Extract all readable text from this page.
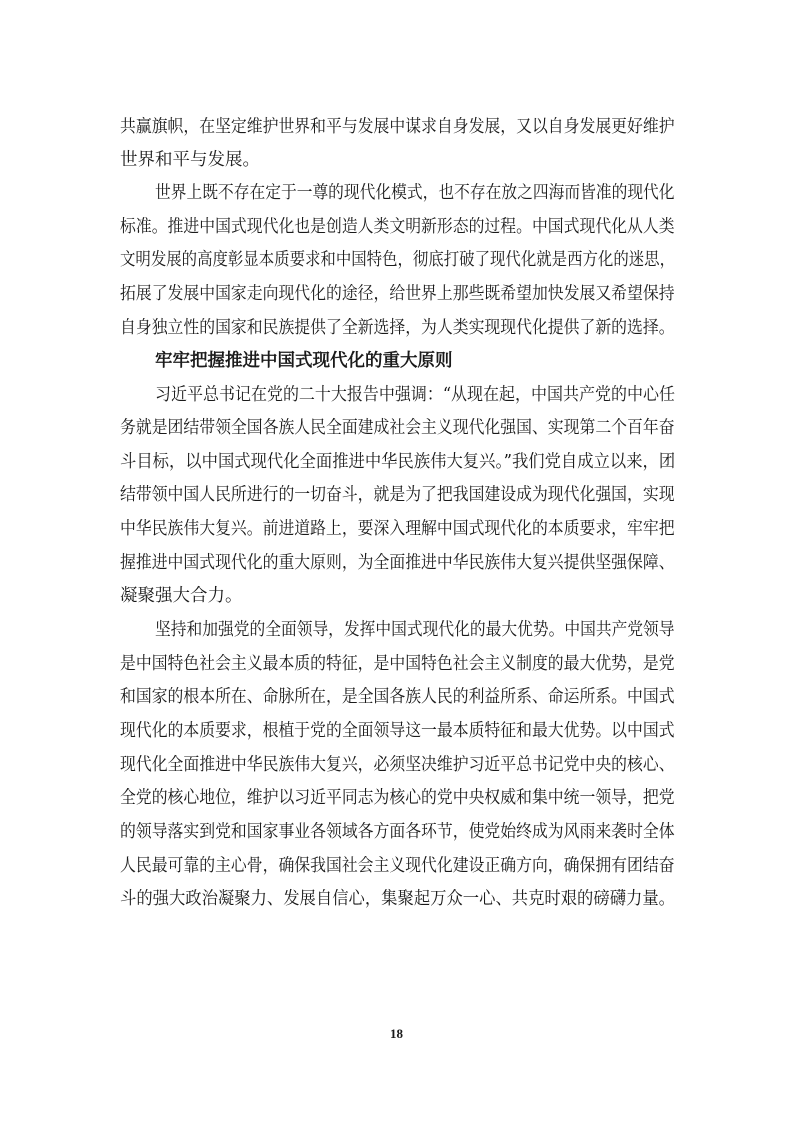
共赢旗帜，在坚定维护世界和平与发展中谋求自身发展，又以自身发展更好维护
世界和平与发展。
世界上既不存在定于一尊的现代化模式，也不存在放之四海而皆准的现代化
标准。推进中国式现代化也是创造人类文明新形态的过程。中国式现代化从人类
文明发展的高度彰显本质要求和中国特色，彻底打破了现代化就是西方化的迷思，
拓展了发展中国家走向现代化的途径，给世界上那些既希望加快发展又希望保持
自身独立性的国家和民族提供了全新选择，为人类实现现代化提供了新的选择。
牢牢把握推进中国式现代化的重大原则
习近平总书记在党的二十大报告中强调：“从现在起，中国共产党的中心任
务就是团结带领全国各族人民全面建成社会主义现代化强国、实现第二个百年奋
斗目标，以中国式现代化全面推进中华民族伟大复兴。”我们党自成立以来，团
结带领中国人民所进行的一切奋斗，就是为了把我国建设成为现代化强国，实现
中华民族伟大复兴。前进道路上，要深入理解中国式现代化的本质要求，牢牢把
握推进中国式现代化的重大原则，为全面推进中华民族伟大复兴提供坚强保障、
凝聚强大合力。
坚持和加强党的全面领导，发挥中国式现代化的最大优势。中国共产党领导
是中国特色社会主义最本质的特征，是中国特色社会主义制度的最大优势，是党
和国家的根本所在、命脉所在，是全国各族人民的利益所系、命运所系。中国式
现代化的本质要求，根植于党的全面领导这一最本质特征和最大优势。以中国式
现代化全面推进中华民族伟大复兴，必须坚决维护习近平总书记党中央的核心、
全党的核心地位，维护以习近平同志为核心的党中央权威和集中统一领导，把党
的领导落实到党和国家事业各领域各方面各环节，使党始终成为风雨来袭时全体
人民最可靠的主心骨，确保我国社会主义现代化建设正确方向，确保拥有团结奋
斗的强大政治凝聚力、发展自信心，集聚起万众一心、共克时艰的磅礴力量。
18
